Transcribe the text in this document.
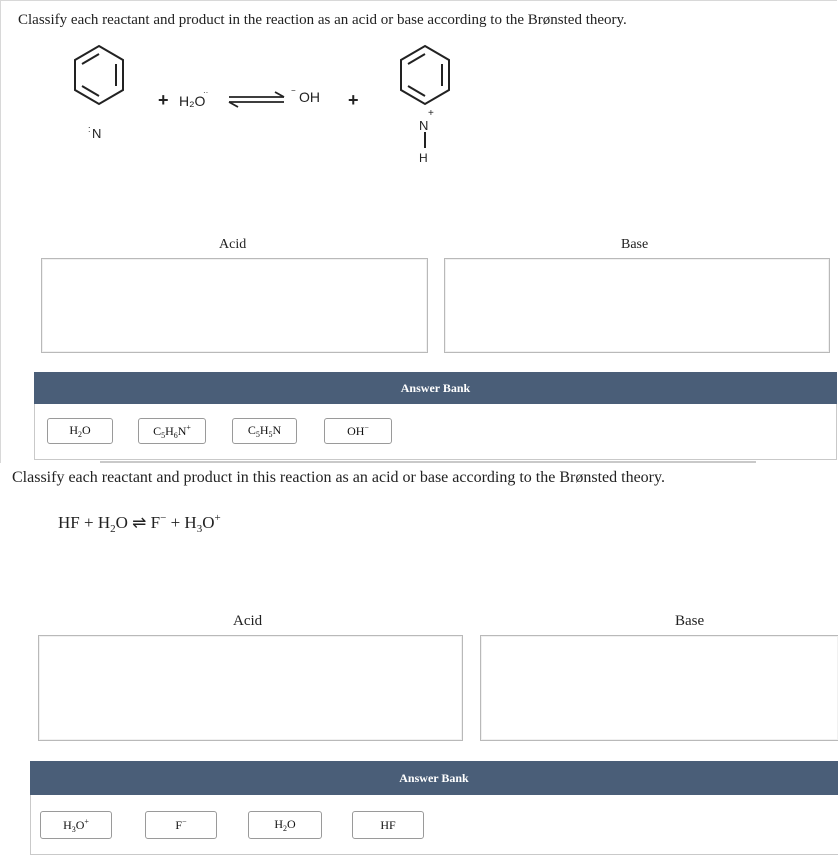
Classify each reactant and product in the reaction as an acid or base according to the Brønsted theory.
N
:
+ H₂O
··	OH
−	+
N
+
H
Acid	Base
Answer Bank
$H_2O$	$C_5H_6N^+$	$C_5H_5N$	OH−
Classify each reactant and product in this reaction as an acid or base according to the Brønsted theory.
HF + $H_2O$ ⇌ $F^- + H_3O^+$
Acid	Base
Answer Bank
$H_3O^+$	F−	$H_2O$	HF
